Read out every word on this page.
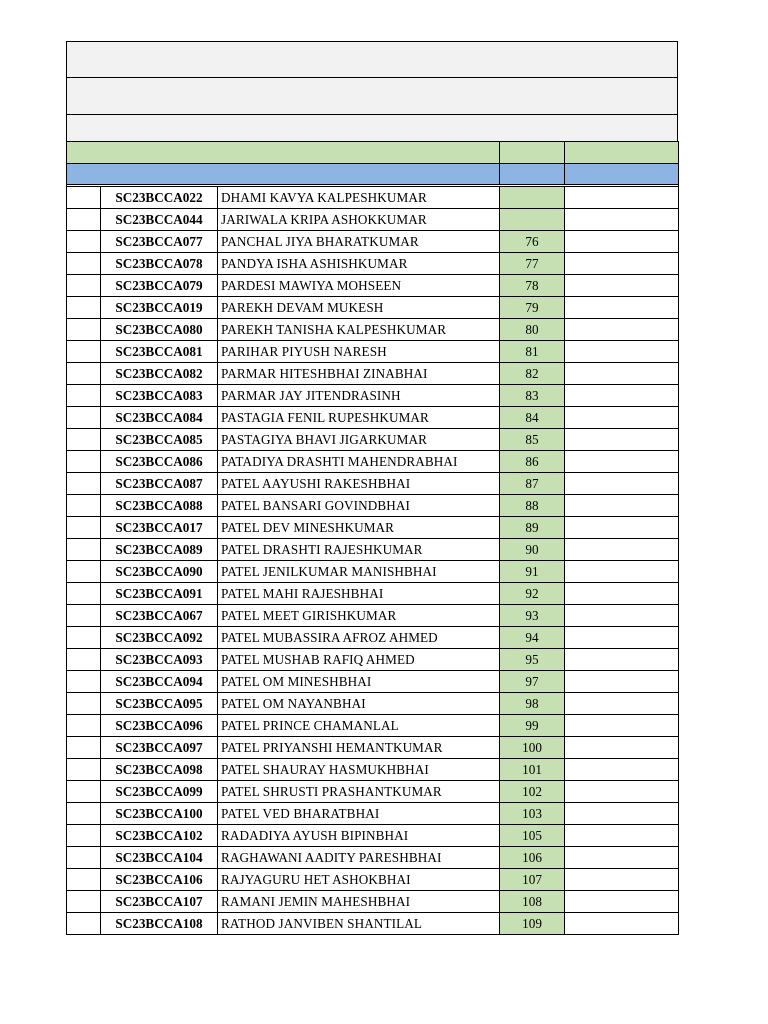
	SC23BCCA022	DHAMI KAVYA KALPESHKUMAR		
	SC23BCCA044	JARIWALA KRIPA ASHOKKUMAR		
	SC23BCCA077	PANCHAL JIYA BHARATKUMAR	76	
	SC23BCCA078	PANDYA ISHA ASHISHKUMAR	77	
	SC23BCCA079	PARDESI MAWIYA MOHSEEN	78	
	SC23BCCA019	PAREKH DEVAM MUKESH	79	
	SC23BCCA080	PAREKH TANISHA KALPESHKUMAR	80	
	SC23BCCA081	PARIHAR PIYUSH NARESH	81	
	SC23BCCA082	PARMAR HITESHBHAI ZINABHAI	82	
	SC23BCCA083	PARMAR JAY JITENDRASINH	83	
	SC23BCCA084	PASTAGIA FENIL RUPESHKUMAR	84	
	SC23BCCA085	PASTAGIYA BHAVI JIGARKUMAR	85	
	SC23BCCA086	PATADIYA DRASHTI MAHENDRABHAI	86	
	SC23BCCA087	PATEL AAYUSHI RAKESHBHAI	87	
	SC23BCCA088	PATEL BANSARI GOVINDBHAI	88	
	SC23BCCA017	PATEL DEV MINESHKUMAR	89	
	SC23BCCA089	PATEL DRASHTI RAJESHKUMAR	90	
	SC23BCCA090	PATEL JENILKUMAR MANISHBHAI	91	
	SC23BCCA091	PATEL MAHI RAJESHBHAI	92	
	SC23BCCA067	PATEL MEET GIRISHKUMAR	93	
	SC23BCCA092	PATEL MUBASSIRA AFROZ AHMED	94	
	SC23BCCA093	PATEL MUSHAB RAFIQ AHMED	95	
	SC23BCCA094	PATEL OM MINESHBHAI	97	
	SC23BCCA095	PATEL OM NAYANBHAI	98	
	SC23BCCA096	PATEL PRINCE CHAMANLAL	99	
	SC23BCCA097	PATEL PRIYANSHI HEMANTKUMAR	100	
	SC23BCCA098	PATEL SHAURAY HASMUKHBHAI	101	
	SC23BCCA099	PATEL SHRUSTI PRASHANTKUMAR	102	
	SC23BCCA100	PATEL VED BHARATBHAI	103	
	SC23BCCA102	RADADIYA AYUSH BIPINBHAI	105	
	SC23BCCA104	RAGHAWANI AADITY PARESHBHAI	106	
	SC23BCCA106	RAJYAGURU HET ASHOKBHAI	107	
	SC23BCCA107	RAMANI JEMIN MAHESHBHAI	108	
	SC23BCCA108	RATHOD JANVIBEN SHANTILAL	109	
